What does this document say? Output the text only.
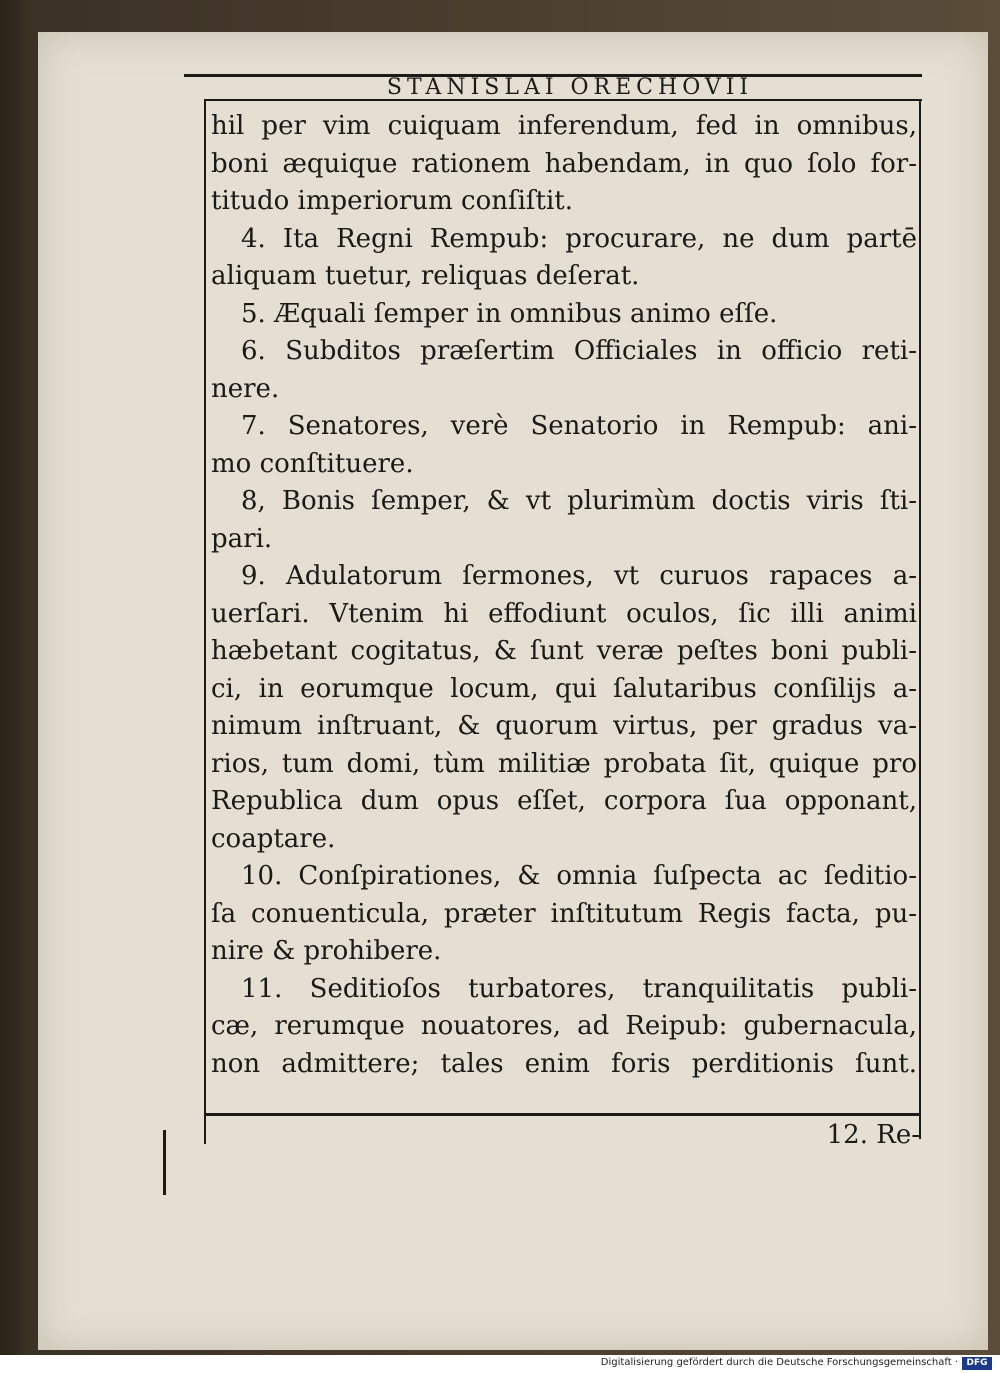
STANISLAI ORECHOVII
hil per vim cuiquam inferendum, fed in omnibus,
boni æquique rationem habendam, in quo ſolo for-
titudo imperiorum conſiſtit.
4. Ita Regni Rempub: procurare, ne dum partē
aliquam tuetur, reliquas deſerat.
5. Æquali ſemper in omnibus animo eſſe.
6. Subditos præſertim Officiales in officio reti-
nere.
7. Senatores, verè Senatorio in Rempub: ani-
mo conſtituere.
8, Bonis ſemper, & vt plurimùm doctis viris ſti-
pari.
9. Adulatorum ſermones, vt curuos rapaces a-
uerſari. Vtenim hi effodiunt oculos, ſic illi animi
hæbetant cogitatus, & ſunt veræ peſtes boni publi-
ci, in eorumque locum, qui ſalutaribus conſilijs a-
nimum inſtruant, & quorum virtus, per gradus va-
rios, tum domi, tùm militiæ probata ſit, quique pro
Republica dum opus eſſet, corpora ſua opponant,
coaptare.
10. Conſpirationes, & omnia ſuſpecta ac ſeditio-
ſa conuenticula, præter inſtitutum Regis facta, pu-
nire & prohibere.
11. Seditioſos turbatores, tranquilitatis publi-
cæ, rerumque nouatores, ad Reipub: gubernacula,
non admittere; tales enim foris perditionis ſunt.
12. Re-
Digitalisierung gefördert durch die Deutsche Forschungsgemeinschaft · DFG
